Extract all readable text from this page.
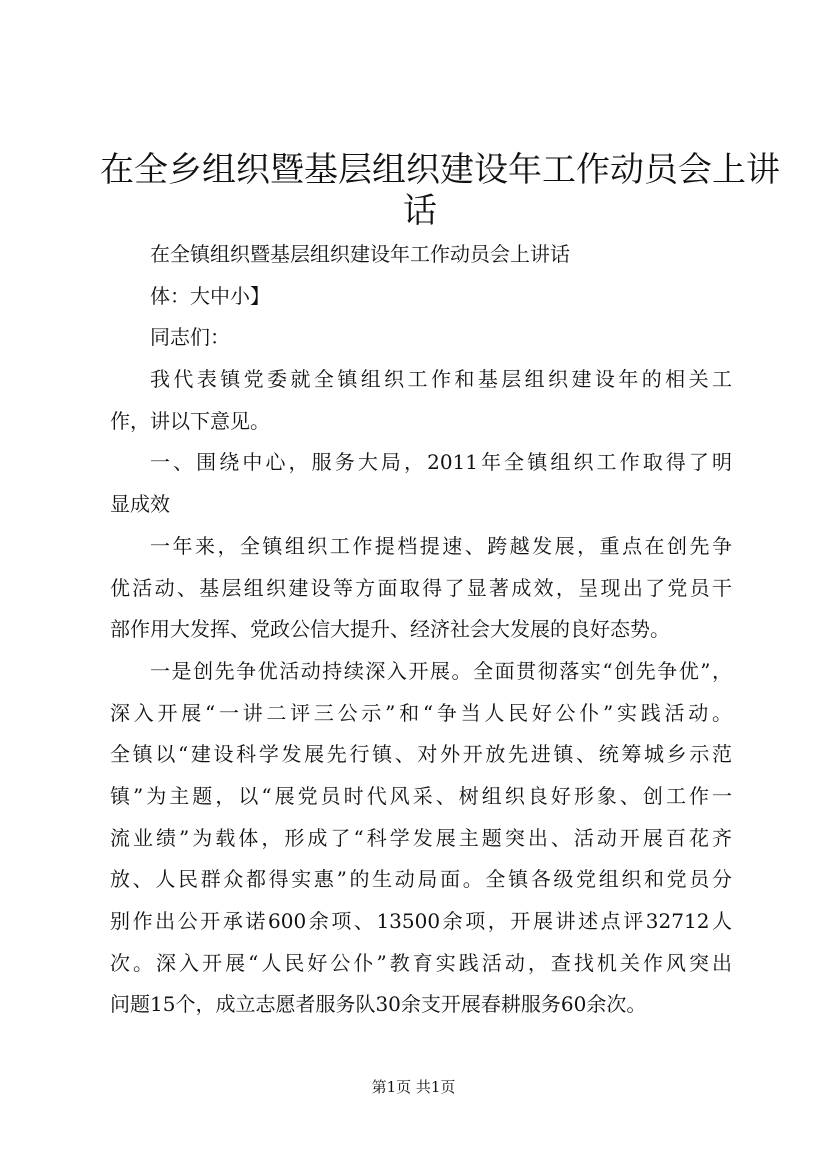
在全乡组织暨基层组织建设年工作动员会上讲
话
在全镇组织暨基层组织建设年工作动员会上讲话
体：大中小】
同志们：
我代表镇党委就全镇组织工作和基层组织建设年的相关工
作，讲以下意见。
一、围绕中心，服务大局，2011年全镇组织工作取得了明
显成效
一年来，全镇组织工作提档提速、跨越发展，重点在创先争
优活动、基层组织建设等方面取得了显著成效，呈现出了党员干
部作用大发挥、党政公信大提升、经济社会大发展的良好态势。
一是创先争优活动持续深入开展。全面贯彻落实“创先争优”，
深入开展“一讲二评三公示”和“争当人民好公仆”实践活动。
全镇以“建设科学发展先行镇、对外开放先进镇、统筹城乡示范
镇”为主题，以“展党员时代风采、树组织良好形象、创工作一
流业绩”为载体，形成了“科学发展主题突出、活动开展百花齐
放、人民群众都得实惠”的生动局面。全镇各级党组织和党员分
别作出公开承诺600余项、13500余项，开展讲述点评32712人
次。深入开展“人民好公仆”教育实践活动，查找机关作风突出
问题15个，成立志愿者服务队30余支开展春耕服务60余次。
第1页 共1页
